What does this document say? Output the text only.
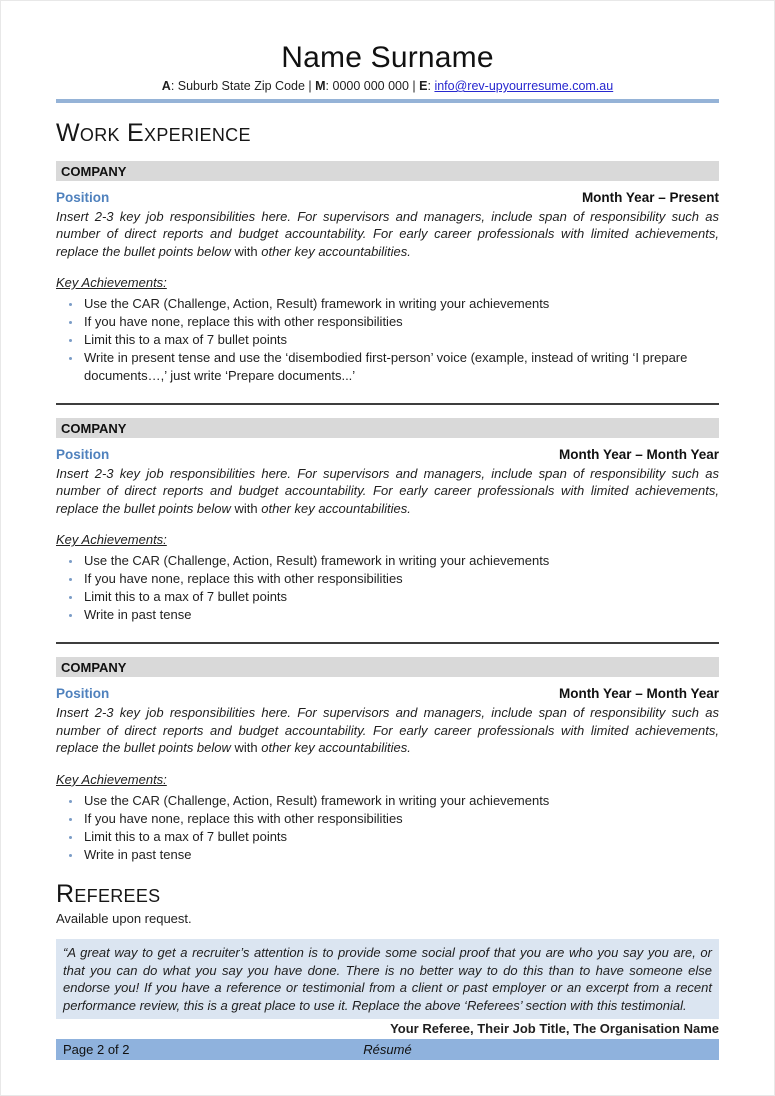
Name Surname
A: Suburb State Zip Code | M: 0000 000 000 | E: info@rev-upyourresume.com.au
Work Experience
COMPANY
Position	Month Year – Present

Insert 2-3 key job responsibilities here. For supervisors and managers, include span of responsibility such as number of direct reports and budget accountability. For early career professionals with limited achievements, replace the bullet points below with other key accountabilities.

Key Achievements:
• Use the CAR (Challenge, Action, Result) framework in writing your achievements
• If you have none, replace this with other responsibilities
• Limit this to a max of 7 bullet points
• Write in present tense and use the ‘disembodied first-person’ voice (example, instead of writing ‘I prepare documents…,’ just write ‘Prepare documents...’
COMPANY
Position	Month Year – Month Year

Insert 2-3 key job responsibilities here. For supervisors and managers, include span of responsibility such as number of direct reports and budget accountability. For early career professionals with limited achievements, replace the bullet points below with other key accountabilities.

Key Achievements:
• Use the CAR (Challenge, Action, Result) framework in writing your achievements
• If you have none, replace this with other responsibilities
• Limit this to a max of 7 bullet points
• Write in past tense
COMPANY
Position	Month Year – Month Year

Insert 2-3 key job responsibilities here. For supervisors and managers, include span of responsibility such as number of direct reports and budget accountability. For early career professionals with limited achievements, replace the bullet points below with other key accountabilities.

Key Achievements:
• Use the CAR (Challenge, Action, Result) framework in writing your achievements
• If you have none, replace this with other responsibilities
• Limit this to a max of 7 bullet points
• Write in past tense
Referees
Available upon request.
“A great way to get a recruiter’s attention is to provide some social proof that you are who you say you are, or that you can do what you say you have done. There is no better way to do this than to have someone else endorse you! If you have a reference or testimonial from a client or past employer or an excerpt from a recent performance review, this is a great place to use it. Replace the above ‘Referees’ section with this testimonial.
Your Referee, Their Job Title, The Organisation Name
Page 2 of 2	Résumé
